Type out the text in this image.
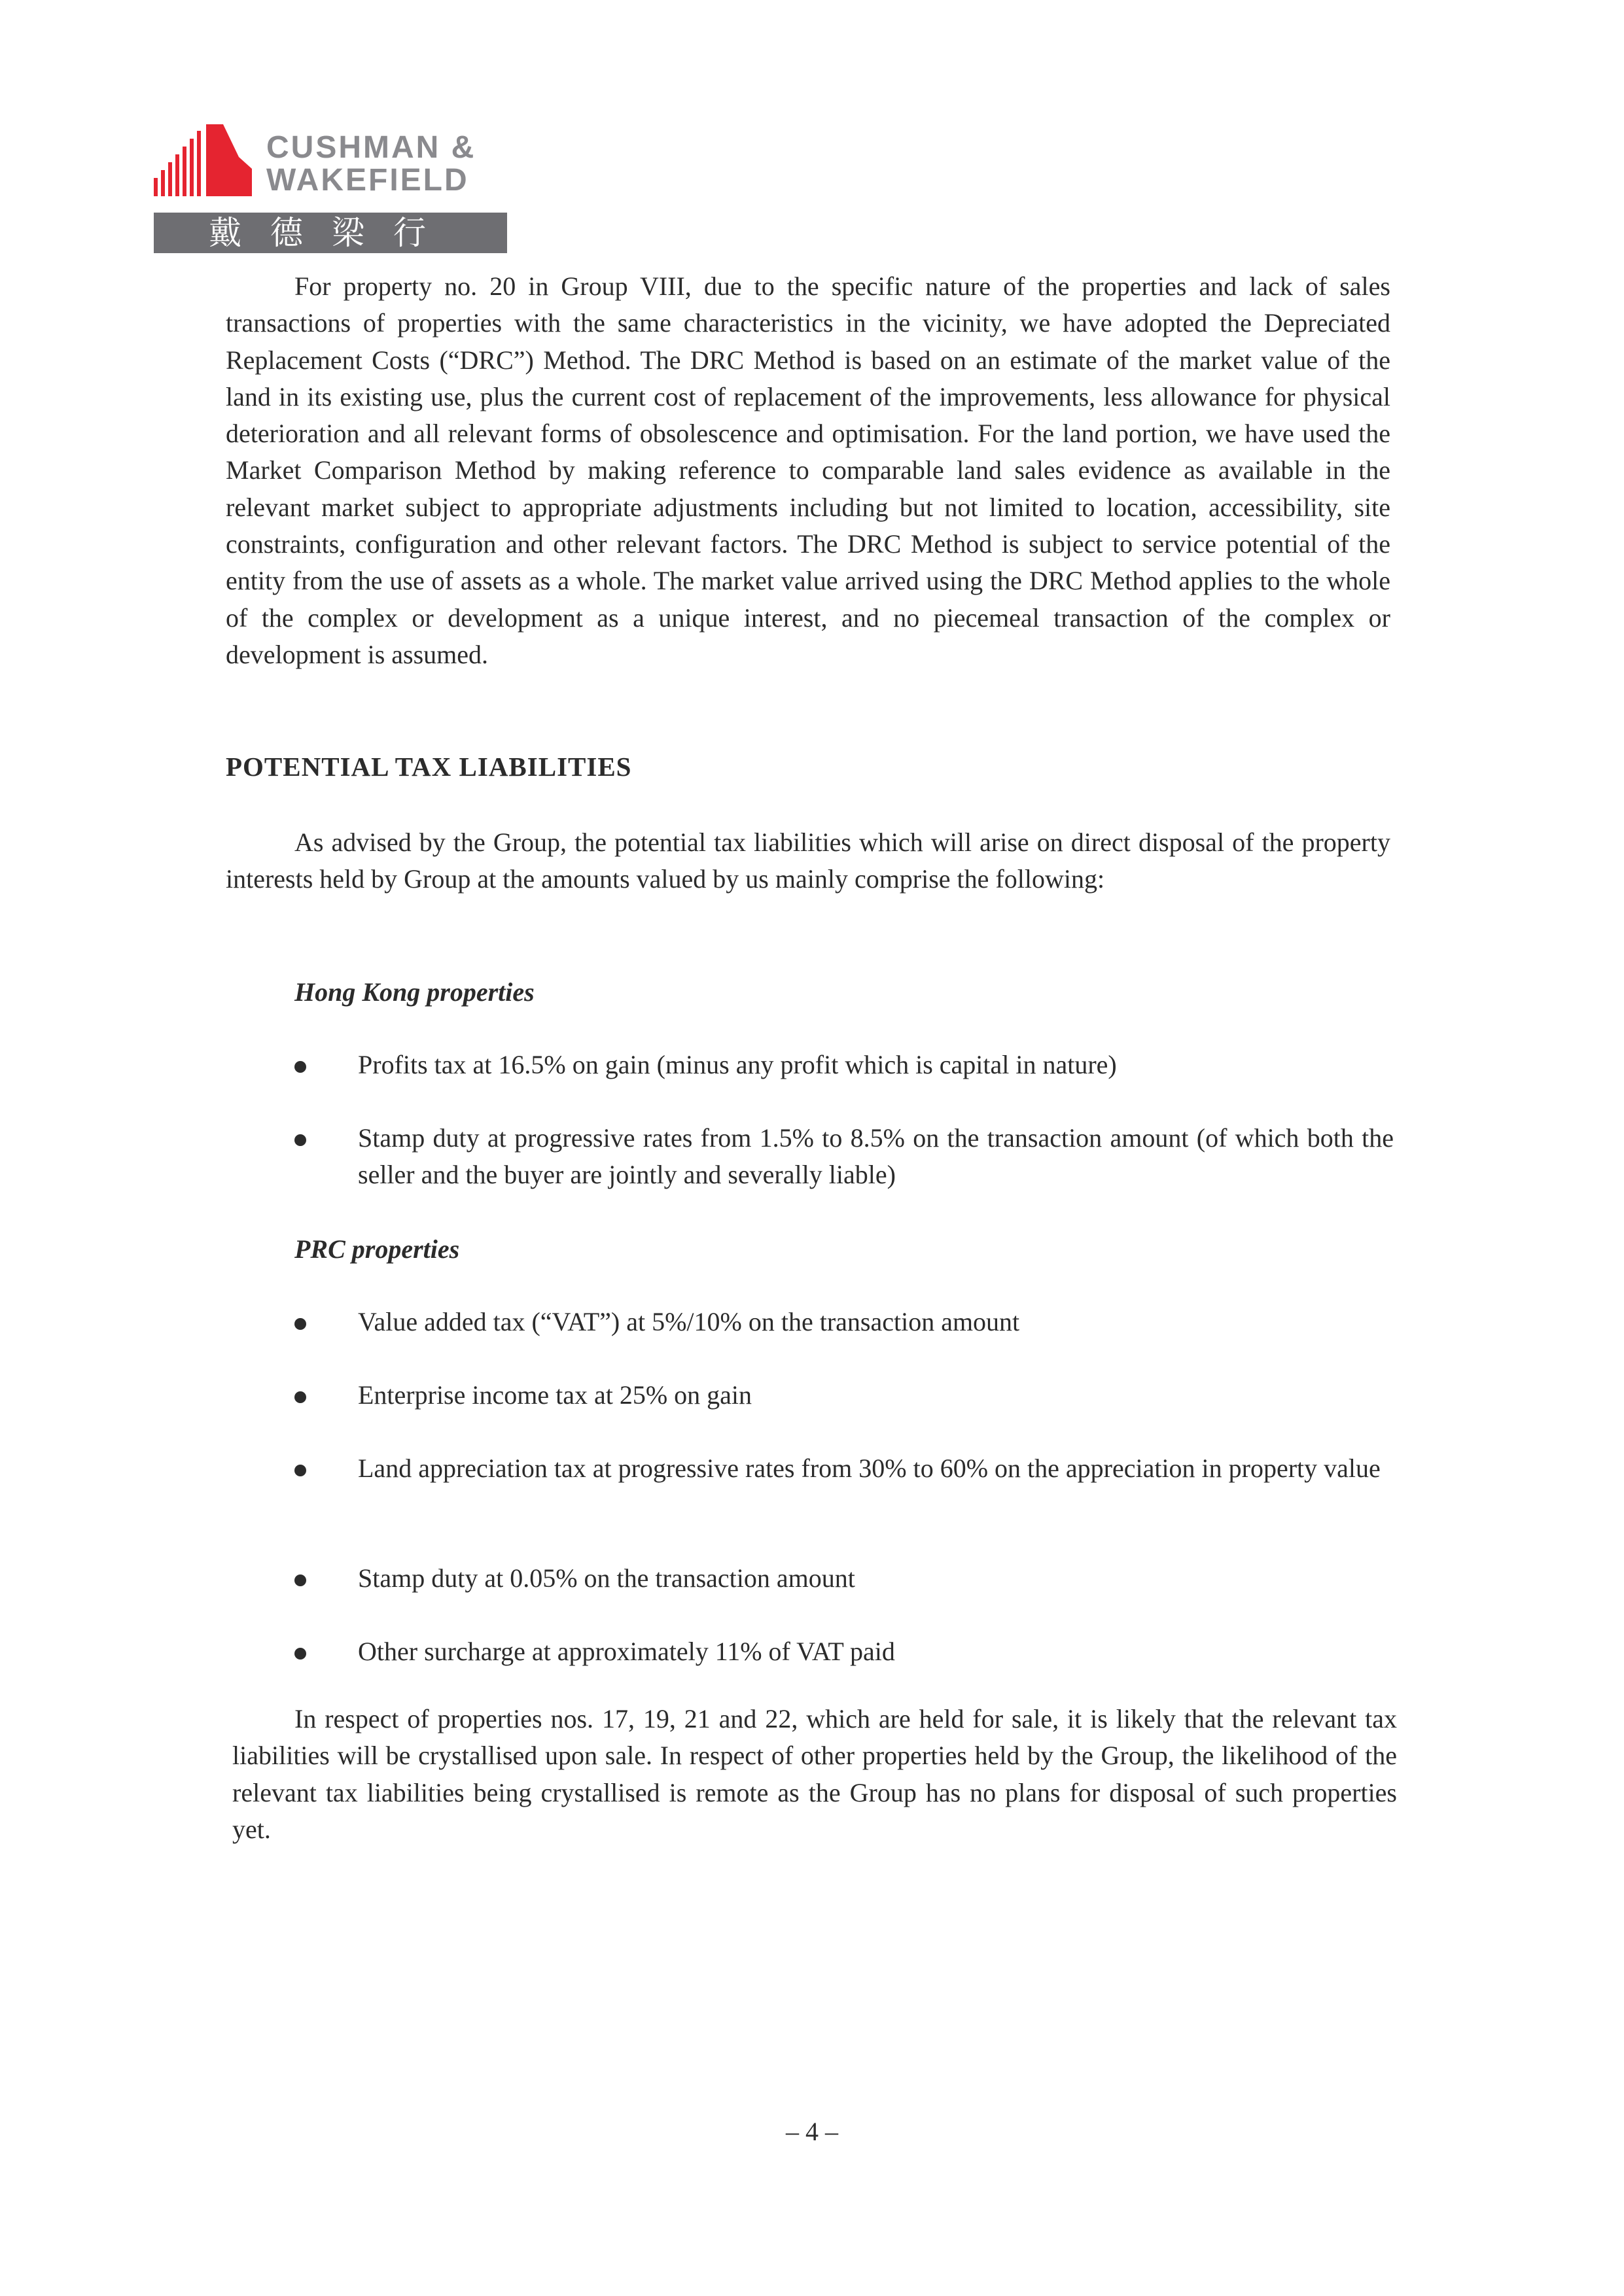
CUSHMAN &
WAKEFIELD
戴德梁行

For property no. 20 in Group VIII, due to the specific nature of the properties and lack of sales transactions of properties with the same characteristics in the vicinity, we have adopted the Depreciated Replacement Costs (“DRC”) Method. The DRC Method is based on an estimate of the market value of the land in its existing use, plus the current cost of replacement of the improvements, less allowance for physical deterioration and all relevant forms of obsolescence and optimisation. For the land portion, we have used the Market Comparison Method by making reference to comparable land sales evidence as available in the relevant market subject to appropriate adjustments including but not limited to location, accessibility, site constraints, configuration and other relevant factors. The DRC Method is subject to service potential of the entity from the use of assets as a whole. The market value arrived using the DRC Method applies to the whole of the complex or development as a unique interest, and no piecemeal transaction of the complex or development is assumed.

POTENTIAL TAX LIABILITIES

As advised by the Group, the potential tax liabilities which will arise on direct disposal of the property interests held by Group at the amounts valued by us mainly comprise the following:

Hong Kong properties
Profits tax at 16.5% on gain (minus any profit which is capital in nature)
Stamp duty at progressive rates from 1.5% to 8.5% on the transaction amount (of which both the seller and the buyer are jointly and severally liable)
PRC properties
Value added tax (“VAT”) at 5%/10% on the transaction amount
Enterprise income tax at 25% on gain
Land appreciation tax at progressive rates from 30% to 60% on the appreciation in property value
Stamp duty at 0.05% on the transaction amount
Other surcharge at approximately 11% of VAT paid

In respect of properties nos. 17, 19, 21 and 22, which are held for sale, it is likely that the relevant tax liabilities will be crystallised upon sale. In respect of other properties held by the Group, the likelihood of the relevant tax liabilities being crystallised is remote as the Group has no plans for disposal of such properties yet.

– 4 –
